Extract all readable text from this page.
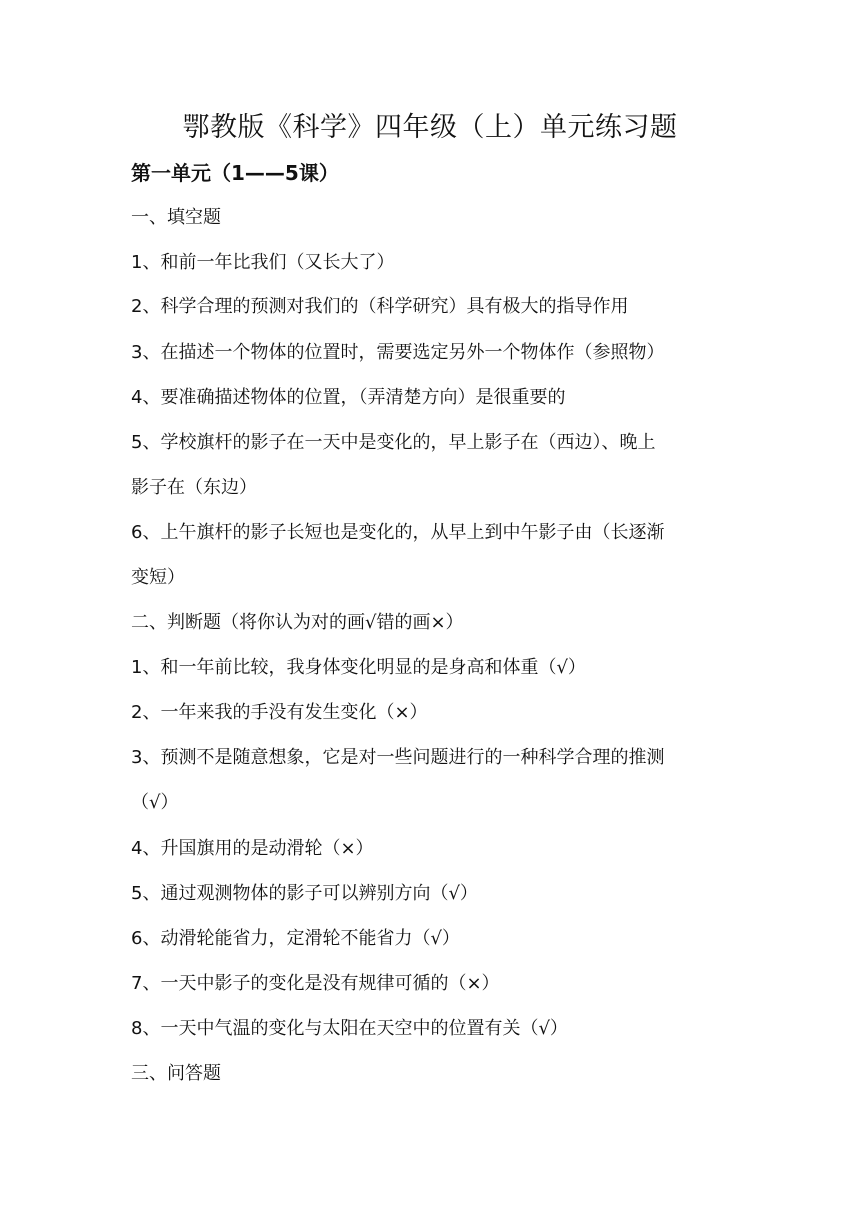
鄂教版《科学》四年级（上）单元练习题
第一单元（1——5课）
一、填空题
1、和前一年比我们（又长大了）
2、科学合理的预测对我们的（科学研究）具有极大的指导作用
3、在描述一个物体的位置时，需要选定另外一个物体作（参照物）
4、要准确描述物体的位置，（弄清楚方向）是很重要的
5、学校旗杆的影子在一天中是变化的，早上影子在（西边）、晚上
影子在（东边）
6、上午旗杆的影子长短也是变化的，从早上到中午影子由（长逐渐
变短）
二、判断题（将你认为对的画√错的画×）
1、和一年前比较，我身体变化明显的是身高和体重（√）
2、一年来我的手没有发生变化（×）
3、预测不是随意想象，它是对一些问题进行的一种科学合理的推测
（√）
4、升国旗用的是动滑轮（×）
5、通过观测物体的影子可以辨别方向（√）
6、动滑轮能省力，定滑轮不能省力（√）
7、一天中影子的变化是没有规律可循的（×）
8、一天中气温的变化与太阳在天空中的位置有关（√）
三、问答题
